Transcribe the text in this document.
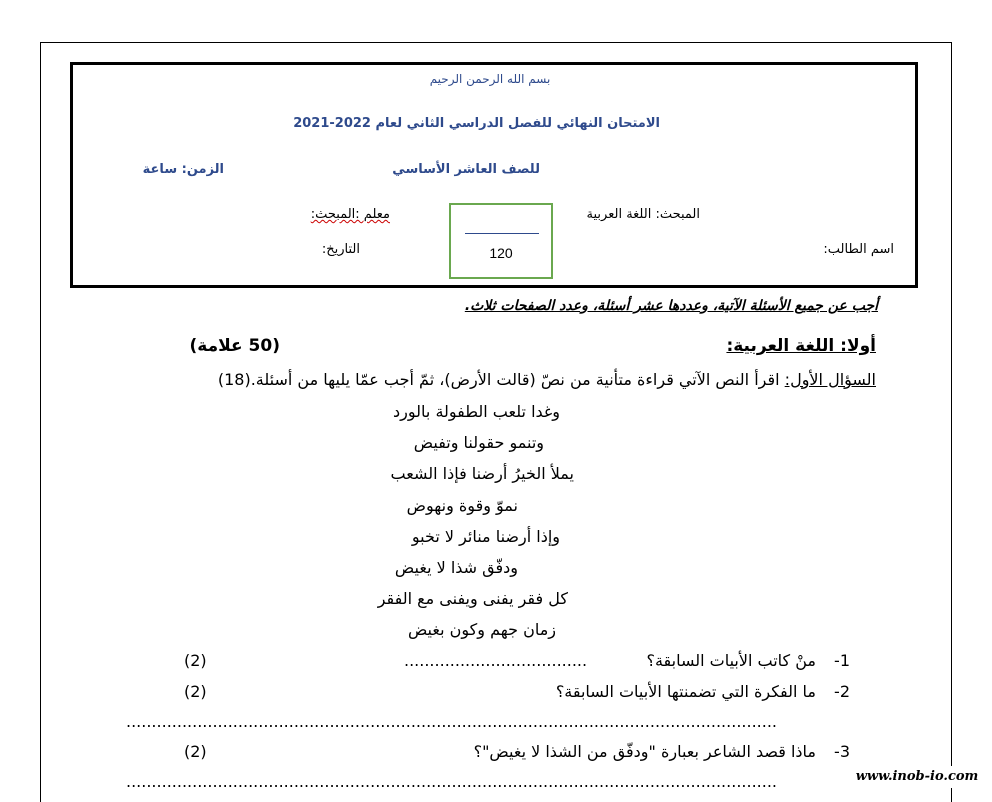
بسم الله الرحمن الرحيم
الامتحان النهائي للفصل الدراسي الثاني لعام 2022-2021
للصف العاشر الأساسي
الزمن: ساعة
المبحث: اللغة العربية
معلم :المبحث:
التاريخ:	اسم الطالب:
120
أجب عن جميع الأسئلة الآتية، وعددها عشر أسئلة، وعدد الصفحات ثلاث.
أولا: اللغة العربية:
(50 علامة)
السؤال الأول: اقرأ النص الآتي قراءة متأنية من نصّ (قالت الأرض)، ثمّ أجب عمّا يليها من أسئلة.(18)
وغدا تلعب الطفولة بالورد
وتنمو حقولنا وتفيض
يملأ الخيرُ أرضنا فإذا الشعب
نموّ وقوة ونهوض
وإذا أرضنا منائر لا تخبو
ودفّق شذا لا يغيض
كل فقر يفنى ويفنى مع الفقر
زمان جهم وكون بغيض
1-
منْ كاتب الأبيات السابقة؟
....................................
(2)
2-
ما الفكرة التي تضمنتها الأبيات السابقة؟
(2)
................................................................................................................................
3-
ماذا قصد الشاعر بعبارة "ودفّق من الشذا لا يغيض"؟
(2)
................................................................................................................................	www.inob-io.com
